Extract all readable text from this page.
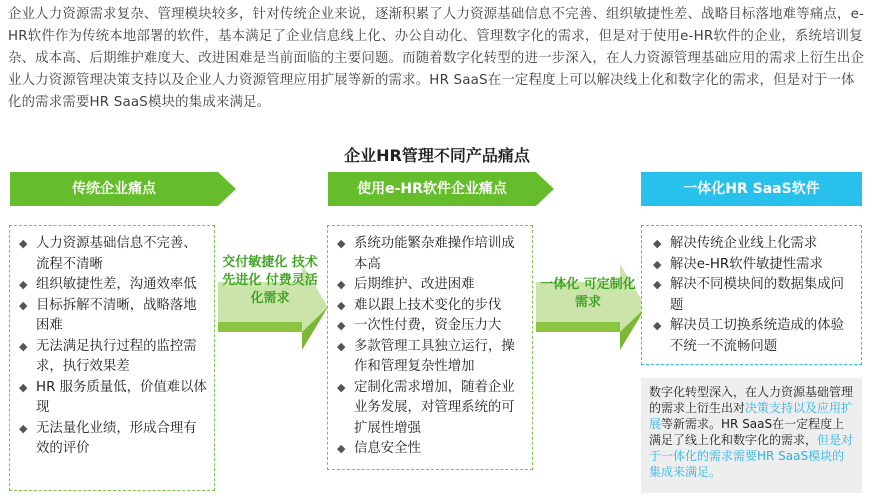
企业人力资源需求复杂、管理模块较多，针对传统企业来说，逐渐积累了人力资源基础信息不完善、组织敏捷性差、战略目标落地难等痛点，e-HR软件作为传统本地部署的软件，基本满足了企业信息线上化、办公自动化、管理数字化的需求，但是对于使用e-HR软件的企业，系统培训复杂、成本高、后期维护难度大、改进困难是当前面临的主要问题。而随着数字化转型的进一步深入，在人力资源管理基础应用的需求上衍生出企业人力资源管理决策支持以及企业人力资源管理应用扩展等新的需求。HR SaaS在一定程度上可以解决线上化和数字化的需求，但是对于一体化的需求需要HR SaaS模块的集成来满足。
企业HR管理不同产品痛点
传统企业痛点
◆ 人力资源基础信息不完善、流程不清晰
◆ 组织敏捷性差，沟通效率低
◆ 目标拆解不清晰，战略落地困难
◆ 无法满足执行过程的监控需求，执行效果差
◆ HR 服务质量低，价值难以体现
◆ 无法量化业绩，形成合理有效的评价
交付敏捷化 技术先进化 付费灵活化需求
使用e-HR软件企业痛点
◆ 系统功能繁杂难操作培训成本高
◆ 后期维护、改进困难
◆ 难以跟上技术变化的步伐
◆ 一次性付费，资金压力大
◆ 多款管理工具独立运行，操作和管理复杂性增加
◆ 定制化需求增加，随着企业业务发展，对管理系统的可扩展性增强
◆ 信息安全性
一体化 可定制化需求
一体化HR SaaS软件
◆ 解决传统企业线上化需求
◆ 解决e-HR软件敏捷性需求
◆ 解决不同模块间的数据集成问题
◆ 解决员工切换系统造成的体验不统一不流畅问题
数字化转型深入，在人力资源基础管理的需求上衍生出对决策支持以及应用扩展等新需求。HR SaaS在一定程度上满足了线上化和数字化的需求，但是对于一体化的需求需要HR SaaS模块的集成来满足。
